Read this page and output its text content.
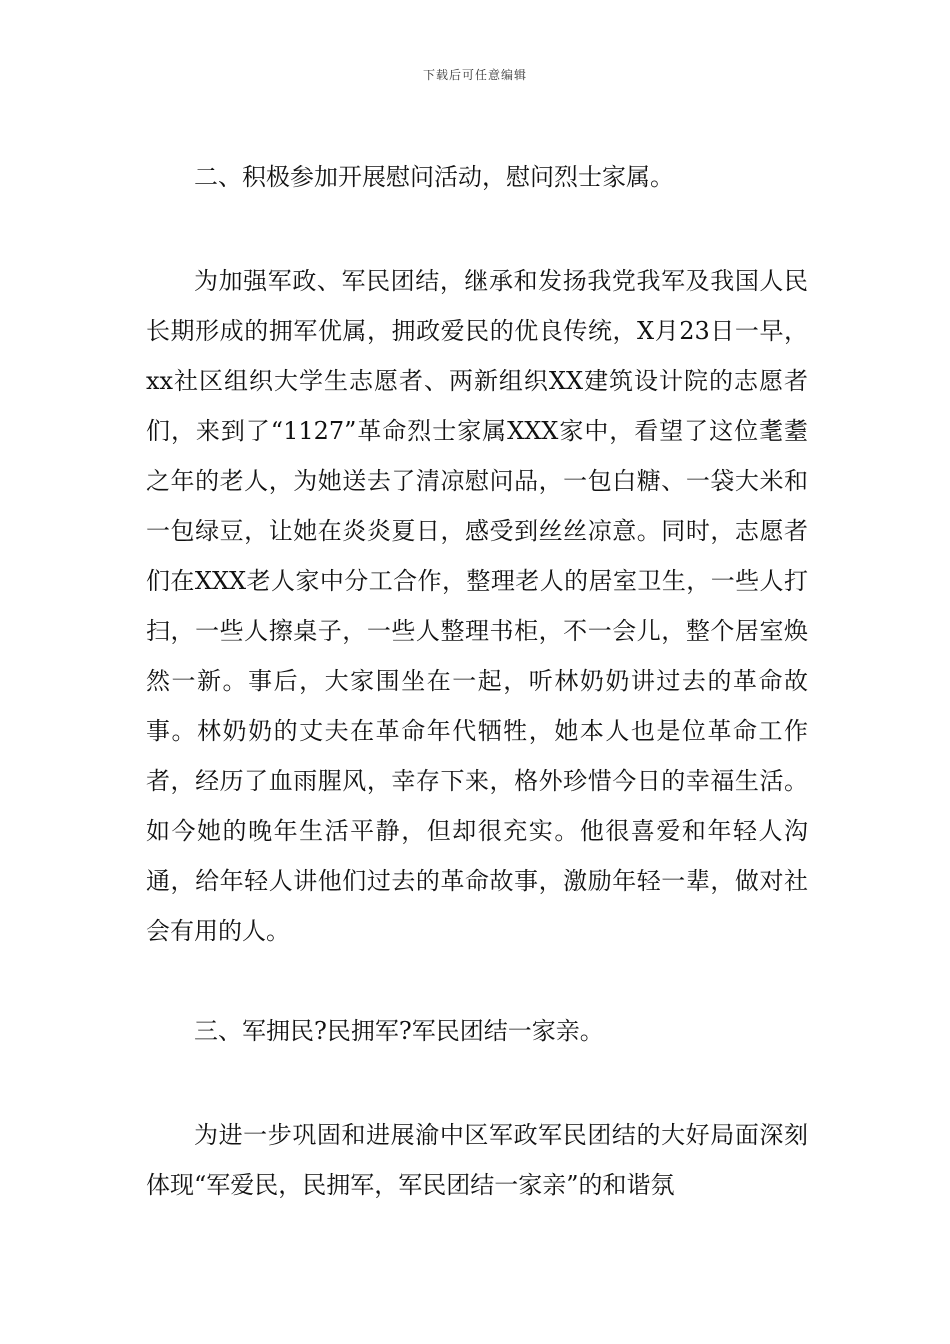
下载后可任意编辑

二、积极参加开展慰问活动，慰问烈士家属。

为加强军政、军民团结，继承和发扬我党我军及我国人民长期形成的拥军优属，拥政爱民的优良传统，X月23日一早，xx社区组织大学生志愿者、两新组织XX建筑设计院的志愿者们，来到了“1127”革命烈士家属XXX家中，看望了这位耄耋之年的老人，为她送去了清凉慰问品，一包白糖、一袋大米和一包绿豆，让她在炎炎夏日，感受到丝丝凉意。同时，志愿者们在XXX老人家中分工合作，整理老人的居室卫生，一些人打扫，一些人擦桌子，一些人整理书柜，不一会儿，整个居室焕然一新。事后，大家围坐在一起，听林奶奶讲过去的革命故事。林奶奶的丈夫在革命年代牺牲，她本人也是位革命工作者，经历了血雨腥风，幸存下来，格外珍惜今日的幸福生活。如今她的晚年生活平静，但却很充实。他很喜爱和年轻人沟通，给年轻人讲他们过去的革命故事，激励年轻一辈，做对社会有用的人。

三、军拥民?民拥军?军民团结一家亲。

为进一步巩固和进展渝中区军政军民团结的大好局面深刻体现“军爱民，民拥军，军民团结一家亲”的和谐氛
